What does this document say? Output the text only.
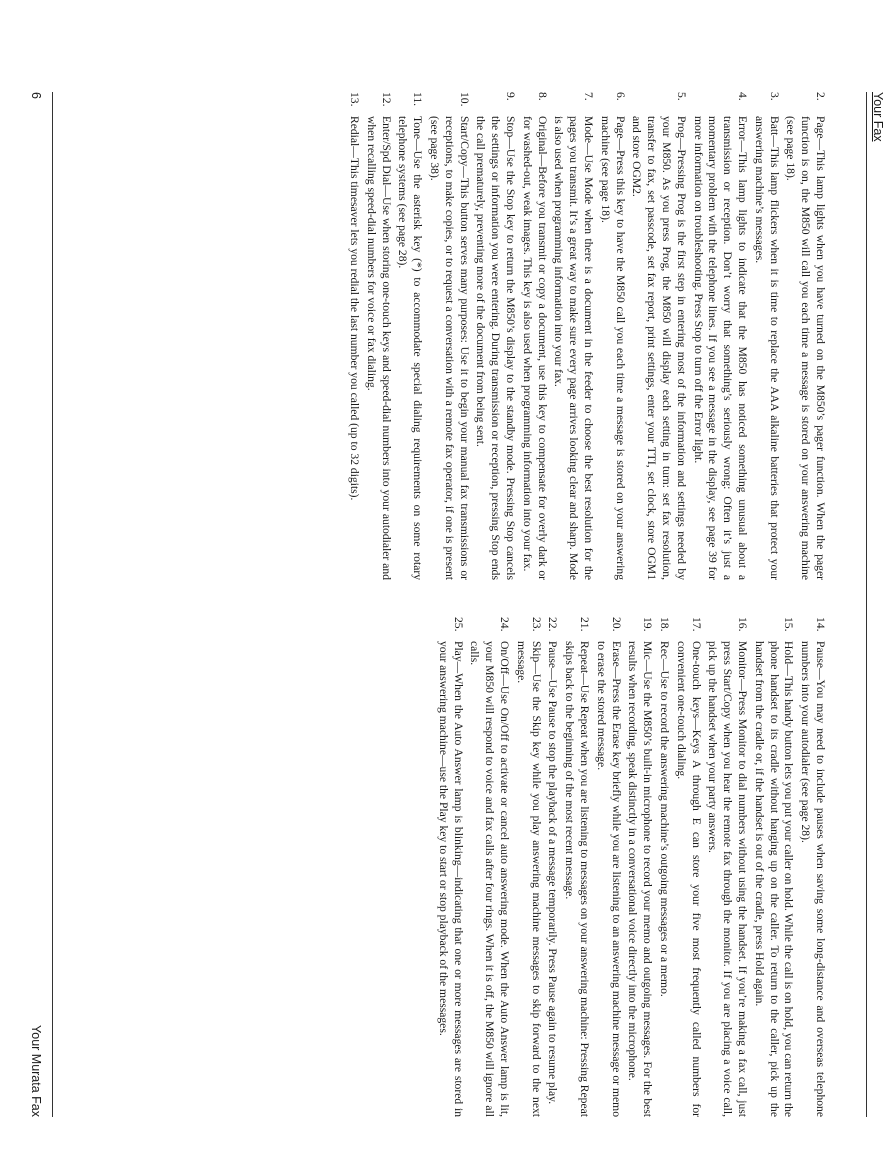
Your Fax
2.
Page—This lamp lights when you have turned on the M850’s pager function. When the pager function is on, the M850 will call you each time a message is stored on your answering machine (see page 18).
3.
Batt—This lamp flickers when it is time to replace the AAA alkaline batteries that protect your answering machine’s messages.
4.
Error—This lamp lights to indicate that the M850 has noticed something unusual about a transmission or reception. Don’t worry that something’s seriously wrong: Often it’s just a momentary problem with the telephone lines. If you see a message in the display, see page 39 for more information on troubleshooting. Press Stop to turn off the Error light.
5.
Prog—Pressing Prog is the first step in entering most of the information and settings needed by your M850. As you press Prog, the M850 will display each setting in turn: set fax resolution, transfer to fax, set passcode, set fax report, print settings, enter your TTI, set clock, store OGM1 and store OGM2.
6.
Page—Press this key to have the M850 call you each time a message is stored on your answering machine (see page 18).
7.
Mode—Use Mode when there is a document in the feeder to choose the best resolution for the pages you transmit. It’s a great way to make sure every page arrives looking clear and sharp. Mode is also used when programming information into your fax.
8.
Original—Before you transmit or copy a document, use this key to compensate for overly dark or for washed-out, weak images. This key is also used when programming information into your fax.
9.
Stop—Use the Stop key to return the M850’s display to the standby mode. Pressing Stop cancels the settings or information you were entering. During transmission or reception, pressing Stop ends the call prematurely, preventing more of the document from being sent.
10.
Start/Copy—This button serves many purposes: Use it to begin your manual fax transmissions or receptions, to make copies, or to request a conversation with a remote fax operator, if one is present (see page 38).
11.
Tone—Use the asterisk key (*) to accommodate special dialing requirements on some rotary telephone systems (see page 28).
12.
Enter/Spd Dial—Use when storing one-touch keys and speed-dial numbers into your autodialer and when recalling speed-dial numbers for voice or fax dialing.
13.
Redial—This timesaver lets you redial the last number you called (up to 32 digits).
14.
Pause—You may need to include pauses when saving some long-distance and overseas telephone numbers into your autodialer (see page 28).
15.
Hold—This handy button lets you put your caller on hold. While the call is on hold, you can return the phone handset to its cradle without hanging up on the caller. To return to the caller, pick up the handset from the cradle or, if the handset is out of the cradle, press Hold again.
16.
Monitor—Press Monitor to dial numbers without using the handset. If you’re making a fax call, just press Start/Copy when you hear the remote fax through the monitor. If you are placing a voice call, pick up the handset when your party answers.
17.
One-touch keys—Keys A through E can store your five most frequently called numbers for convenient one-touch dialing.
18.
Rec—Use to record the answering machine’s outgoing messages or a memo.
19.
Mic—Use the M850’s built-in microphone to record your memo and outgoing messages. For the best results when recording, speak distinctly in a conversational voice directly into the microphone.
20.
Erase—Press the Erase key briefly while you are listening to an answering machine message or memo to erase the stored message.
21.
Repeat—Use Repeat when you are listening to messages on your answering machine: Pressing Repeat skips back to the beginning of the most recent message.
22.
Pause—Use Pause to stop the playback of a message temporarily. Press Pause again to resume play.
23.
Skip—Use the Skip key while you play answering machine messages to skip forward to the next message.
24.
On/Off—Use On/Off to activate or cancel auto answering mode. When the Auto Answer lamp is lit, your M850 will respond to voice and fax calls after four rings. When it is off, the M850 will ignore all calls.
25.
Play—When the Auto Answer lamp is blinking—indicating that one or more messages are stored in your answering machine—use the Play key to start or stop playback of the messages.
6
Your Murata Fax
